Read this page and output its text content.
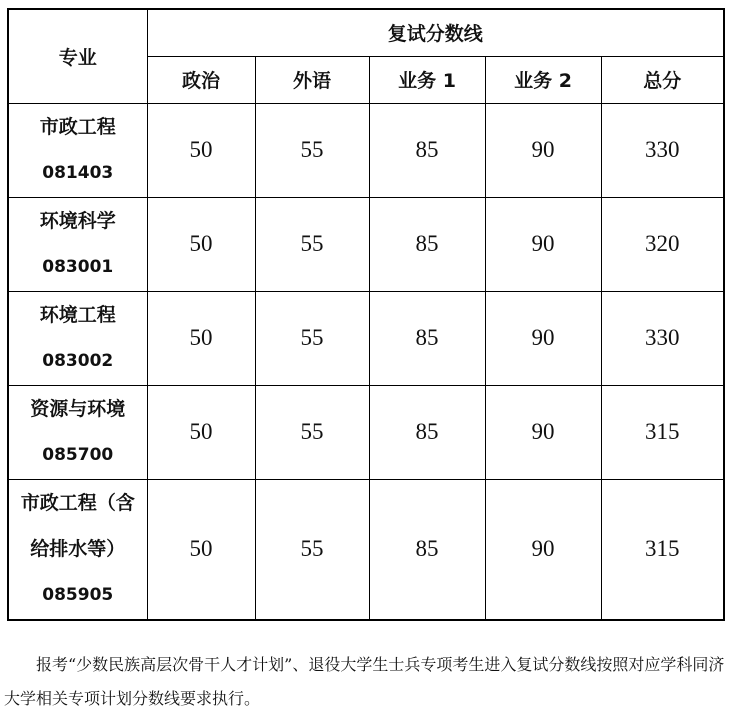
专业	复试分数线				
	政治	外语	业务 1	业务 2	总分

市政工程
081403	50	55	85	90	330

环境科学
083001	50	55	85	90	320

环境工程
083002	50	55	85	90	330

资源与环境
085700	50	55	85	90	315

市政工程（含
给排水等）
085905	50	55	85	90	315

报考“少数民族高层次骨干人才计划”、退役大学生士兵专项考生进入复试分数线按照对应学科同济大学相关专项计划分数线要求执行。
